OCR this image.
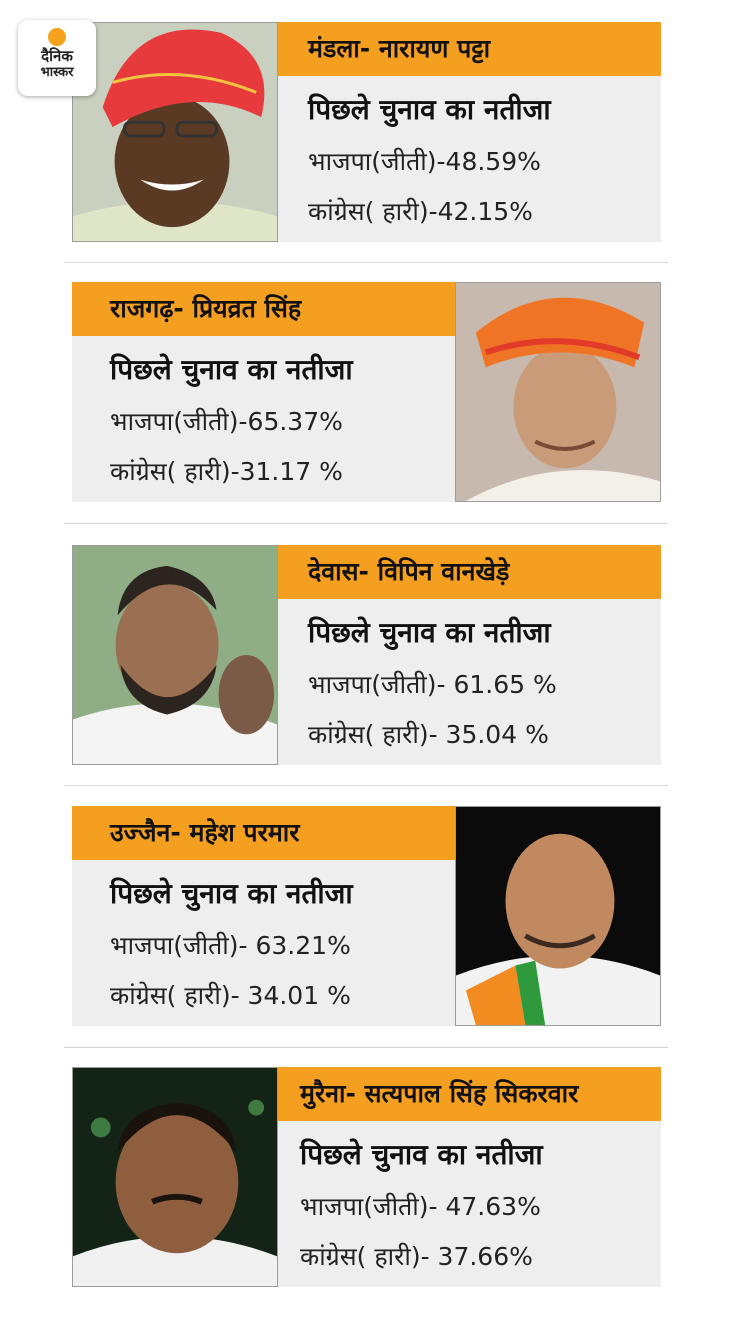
दैनिक
भास्कर
मंडला- नारायण पट्टा
पिछले चुनाव का नतीजा
भाजपा(जीती)-48.59%
कांग्रेस( हारी)-42.15%
राजगढ़- प्रियव्रत सिंह
पिछले चुनाव का नतीजा
भाजपा(जीती)-65.37%
कांग्रेस( हारी)-31.17 %
देवास- विपिन वानखेड़े
पिछले चुनाव का नतीजा
भाजपा(जीती)- 61.65 %
कांग्रेस( हारी)- 35.04 %
उज्जैन- महेश परमार
पिछले चुनाव का नतीजा
भाजपा(जीती)- 63.21%
कांग्रेस( हारी)- 34.01 %
मुरैना- सत्यपाल सिंह सिकरवार
पिछले चुनाव का नतीजा
भाजपा(जीती)- 47.63%
कांग्रेस( हारी)- 37.66%
